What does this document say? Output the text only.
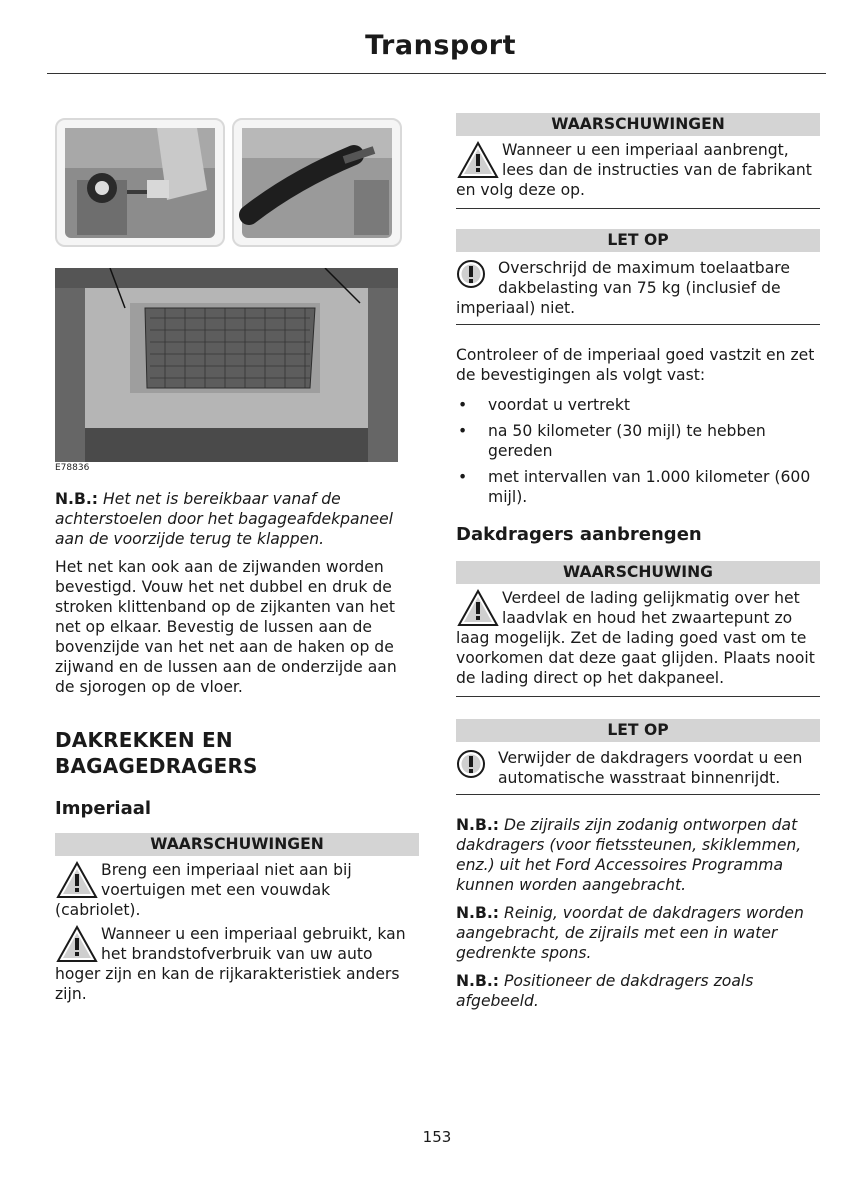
Transport
E78836

N.B.: Het net is bereikbaar vanaf de achterstoelen door het bagageafdekpaneel aan de voorzijde terug te klappen.

Het net kan ook aan de zijwanden worden bevestigd. Vouw het net dubbel en druk de stroken klittenband op de zijkanten van het net op elkaar. Bevestig de lussen aan de bovenzijde van het net aan de haken op de zijwand en de lussen aan de onderzijde aan de sjorogen op de vloer.

DAKREKKEN EN
BAGAGEDRAGERS
Imperiaal
WAARSCHUWINGEN
Breng een imperiaal niet aan bij voertuigen met een vouwdak (cabriolet).
Wanneer u een imperiaal gebruikt, kan het brandstofverbruik van uw auto hoger zijn en kan de rijkarakteristiek anders zijn.
WAARSCHUWINGEN
Wanneer u een imperiaal aanbrengt, lees dan de instructies van de fabrikant en volg deze op.
LET OP
Overschrijd de maximum toelaatbare dakbelasting van 75 kg (inclusief de imperiaal) niet.

Controleer of de imperiaal goed vastzit en zet de bevestigingen als volgt vast:

• voordat u vertrekt
• na 50 kilometer (30 mijl) te hebben gereden
• met intervallen van 1.000 kilometer (600 mijl).
Dakdragers aanbrengen
WAARSCHUWING
Verdeel de lading gelijkmatig over het laadvlak en houd het zwaartepunt zo laag mogelijk. Zet de lading goed vast om te voorkomen dat deze gaat glijden. Plaats nooit de lading direct op het dakpaneel.
LET OP
Verwijder de dakdragers voordat u een automatische wasstraat binnenrijdt.

N.B.: De zijrails zijn zodanig ontworpen dat dakdragers (voor fietssteunen, skiklemmen, enz.) uit het Ford Accessoires Programma kunnen worden aangebracht.

N.B.: Reinig, voordat de dakdragers worden aangebracht, de zijrails met een in water gedrenkte spons.

N.B.: Positioneer de dakdragers zoals afgebeeld.

153
